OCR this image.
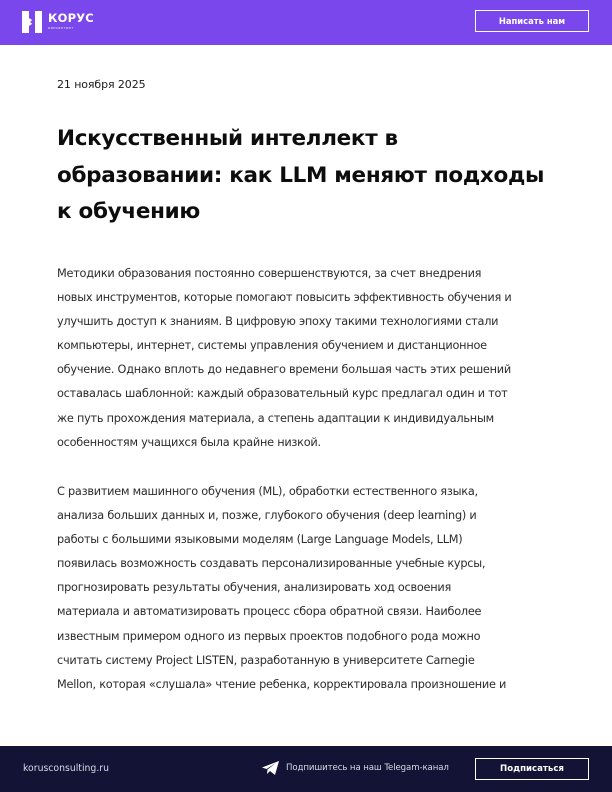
КОРУС
консалтинг
Написать нам
21 ноября 2025
Искусственный интеллект в
образовании: как LLM меняют подходы
к обучению

Методики образования постоянно совершенствуются, за счет внедрения
новых инструментов, которые помогают повысить эффективность обучения и
улучшить доступ к знаниям. В цифровую эпоху такими технологиями стали
компьютеры, интернет, системы управления обучением и дистанционное
обучение. Однако вплоть до недавнего времени большая часть этих решений
оставалась шаблонной: каждый образовательный курс предлагал один и тот
же путь прохождения материала, а степень адаптации к индивидуальным
особенностям учащихся была крайне низкой.

С развитием машинного обучения (ML), обработки естественного языка,
анализа больших данных и, позже, глубокого обучения (deep learning) и
работы с большими языковыми моделям (Large Language Models, LLM)
появилась возможность создавать персонализированные учебные курсы,
прогнозировать результаты обучения, анализировать ход освоения
материала и автоматизировать процесс сбора обратной связи. Наиболее
известным примером одного из первых проектов подобного рода можно
считать систему Project LISTEN, разработанную в университете Carnegie
Mellon, которая «слушала» чтение ребенка, корректировала произношение и

korusconsulting.ru	Подпишитесь на наш Telegam-канал	Подписаться
